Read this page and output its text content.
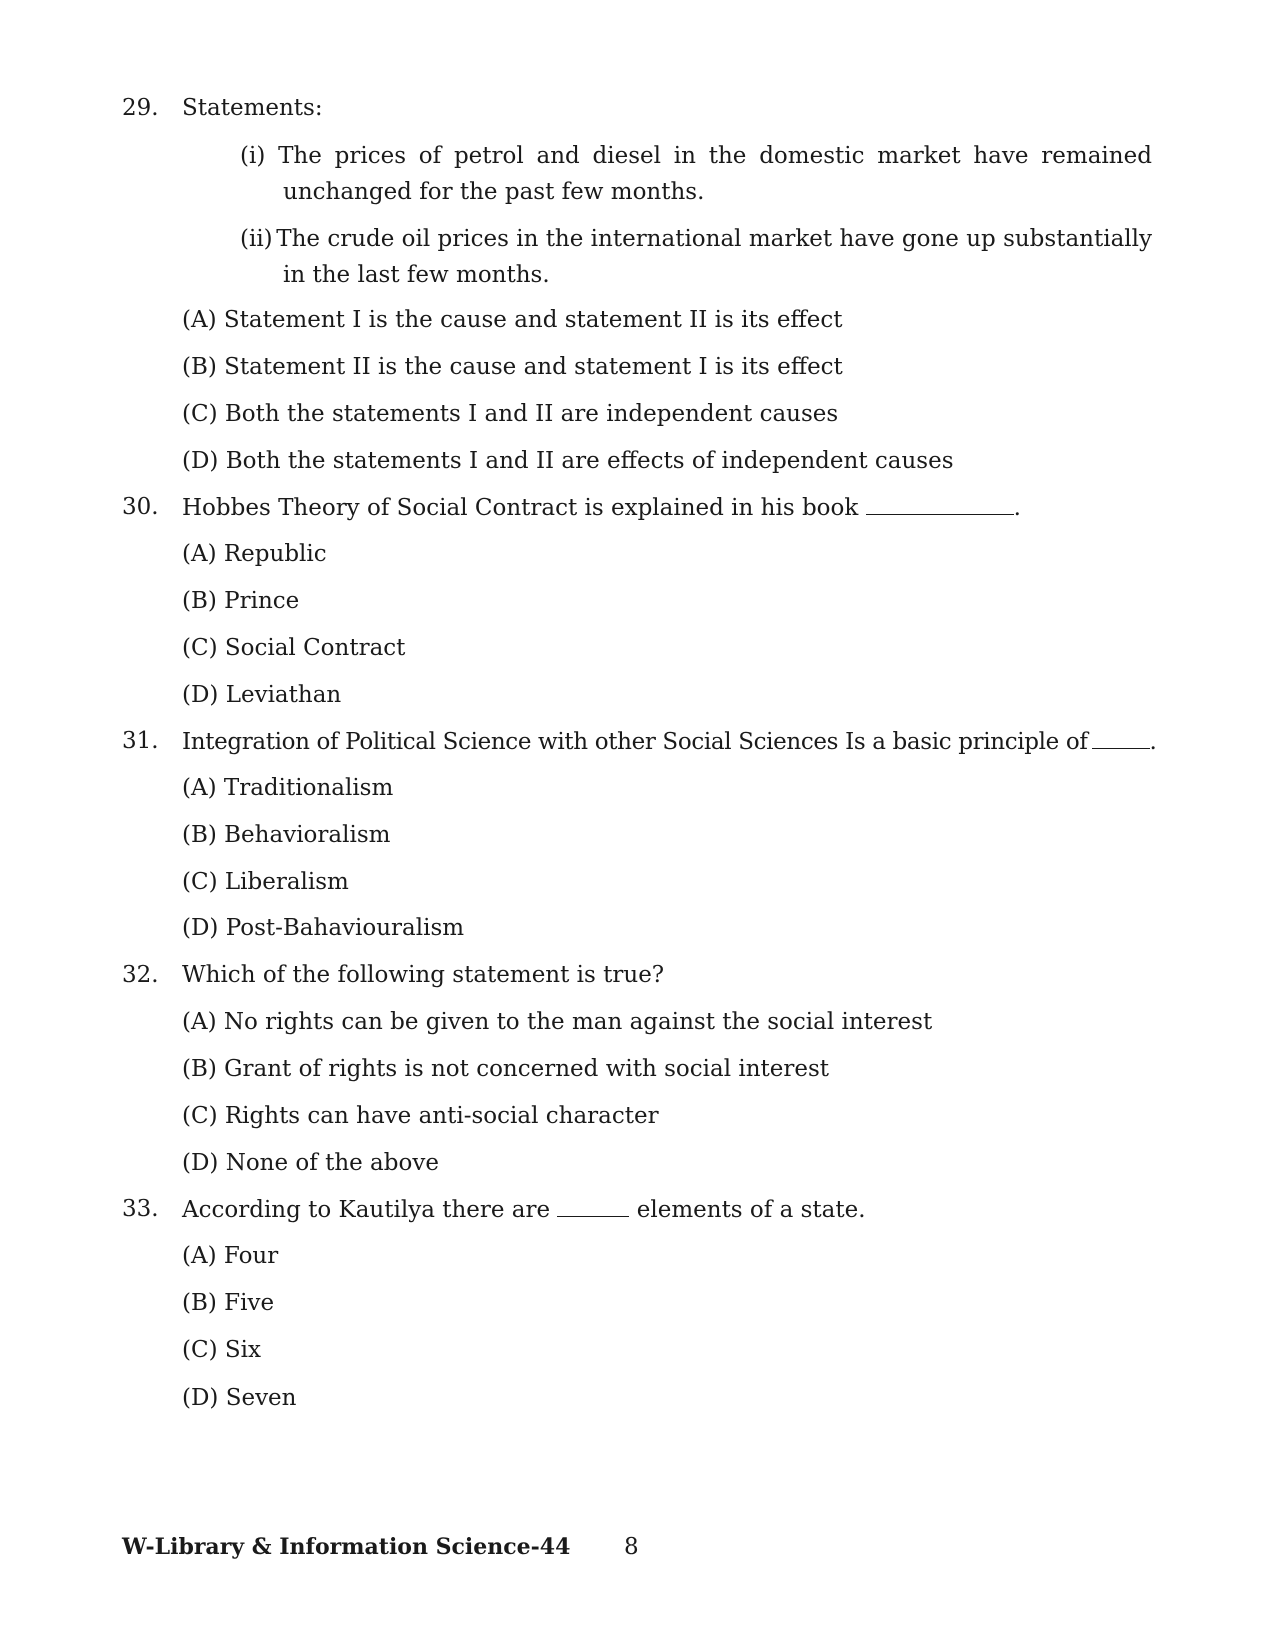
29. Statements:
(i) The prices of petrol and diesel in the domestic market have remained
unchanged for the past few months.
(ii) The crude oil prices in the international market have gone up substantially
in the last few months.
(A) Statement I is the cause and statement II is its effect
(B) Statement II is the cause and statement I is its effect
(C) Both the statements I and II are independent causes
(D) Both the statements I and II are effects of independent causes
30. Hobbes Theory of Social Contract is explained in his book	.
(A) Republic
(B) Prince
(C) Social Contract
(D) Leviathan
31. Integration of Political Science with other Social Sciences Is a basic principle of	.
(A) Traditionalism
(B) Behavioralism
(C) Liberalism
(D) Post-Bahaviouralism
32. Which of the following statement is true?
(A) No rights can be given to the man against the social interest
(B) Grant of rights is not concerned with social interest
(C) Rights can have anti-social character
(D) None of the above
33. According to Kautilya there are	elements of a state.
(A) Four
(B) Five
(C) Six
(D) Seven
W-Library & Information Science-44 8
